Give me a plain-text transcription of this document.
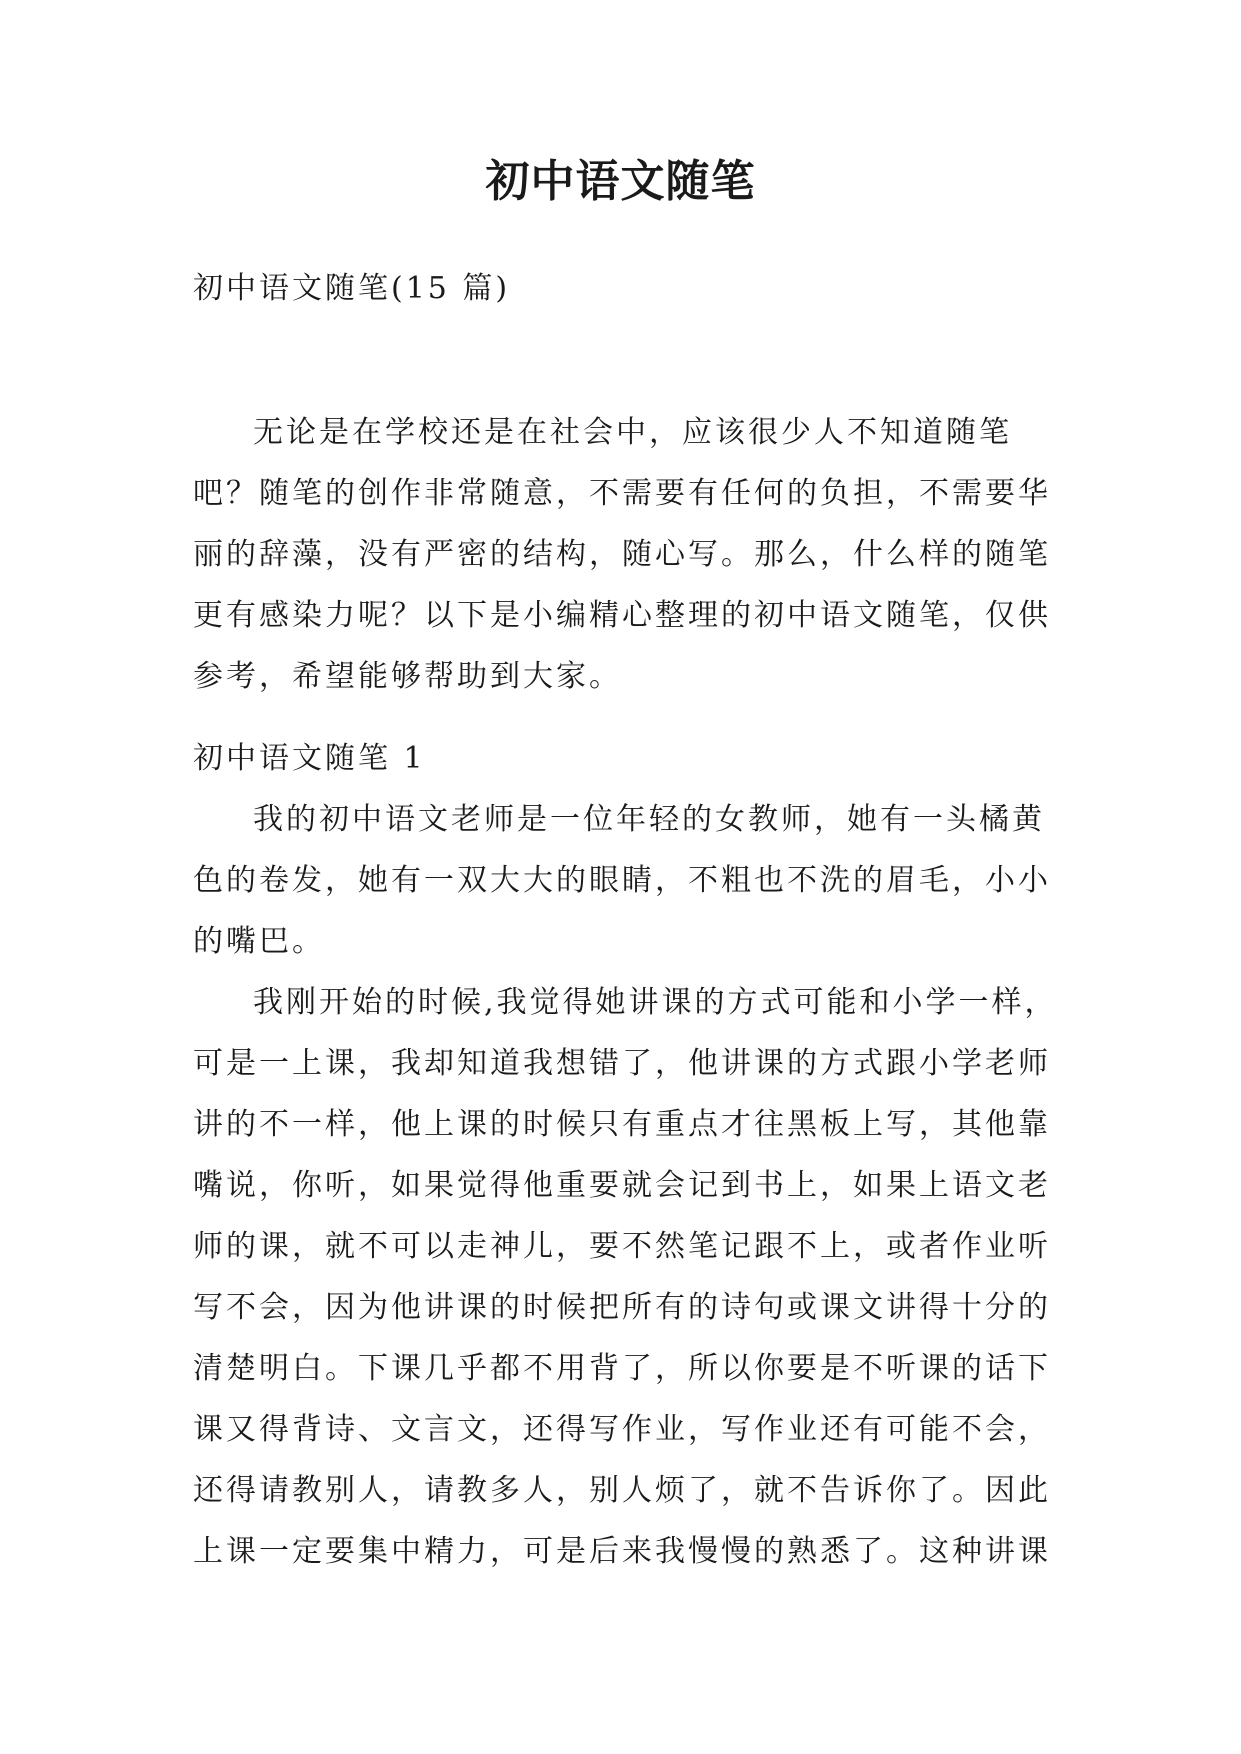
初中语文随笔
初中语文随笔(15 篇)

无论是在学校还是在社会中，应该很少人不知道随笔
吧？随笔的创作非常随意，不需要有任何的负担，不需要华
丽的辞藻，没有严密的结构，随心写。那么，什么样的随笔
更有感染力呢？以下是小编精心整理的初中语文随笔，仅供
参考，希望能够帮助到大家。

初中语文随笔 1

我的初中语文老师是一位年轻的女教师，她有一头橘黄
色的卷发，她有一双大大的眼睛，不粗也不洗的眉毛，小小
的嘴巴。

我刚开始的时候,我觉得她讲课的方式可能和小学一样，
可是一上课，我却知道我想错了，他讲课的方式跟小学老师
讲的不一样，他上课的时候只有重点才往黑板上写，其他靠
嘴说，你听，如果觉得他重要就会记到书上，如果上语文老
师的课，就不可以走神儿，要不然笔记跟不上，或者作业听
写不会，因为他讲课的时候把所有的诗句或课文讲得十分的
清楚明白。下课几乎都不用背了，所以你要是不听课的话下
课又得背诗、文言文，还得写作业，写作业还有可能不会，
还得请教别人，请教多人，别人烦了，就不告诉你了。因此
上课一定要集中精力，可是后来我慢慢的熟悉了。这种讲课
